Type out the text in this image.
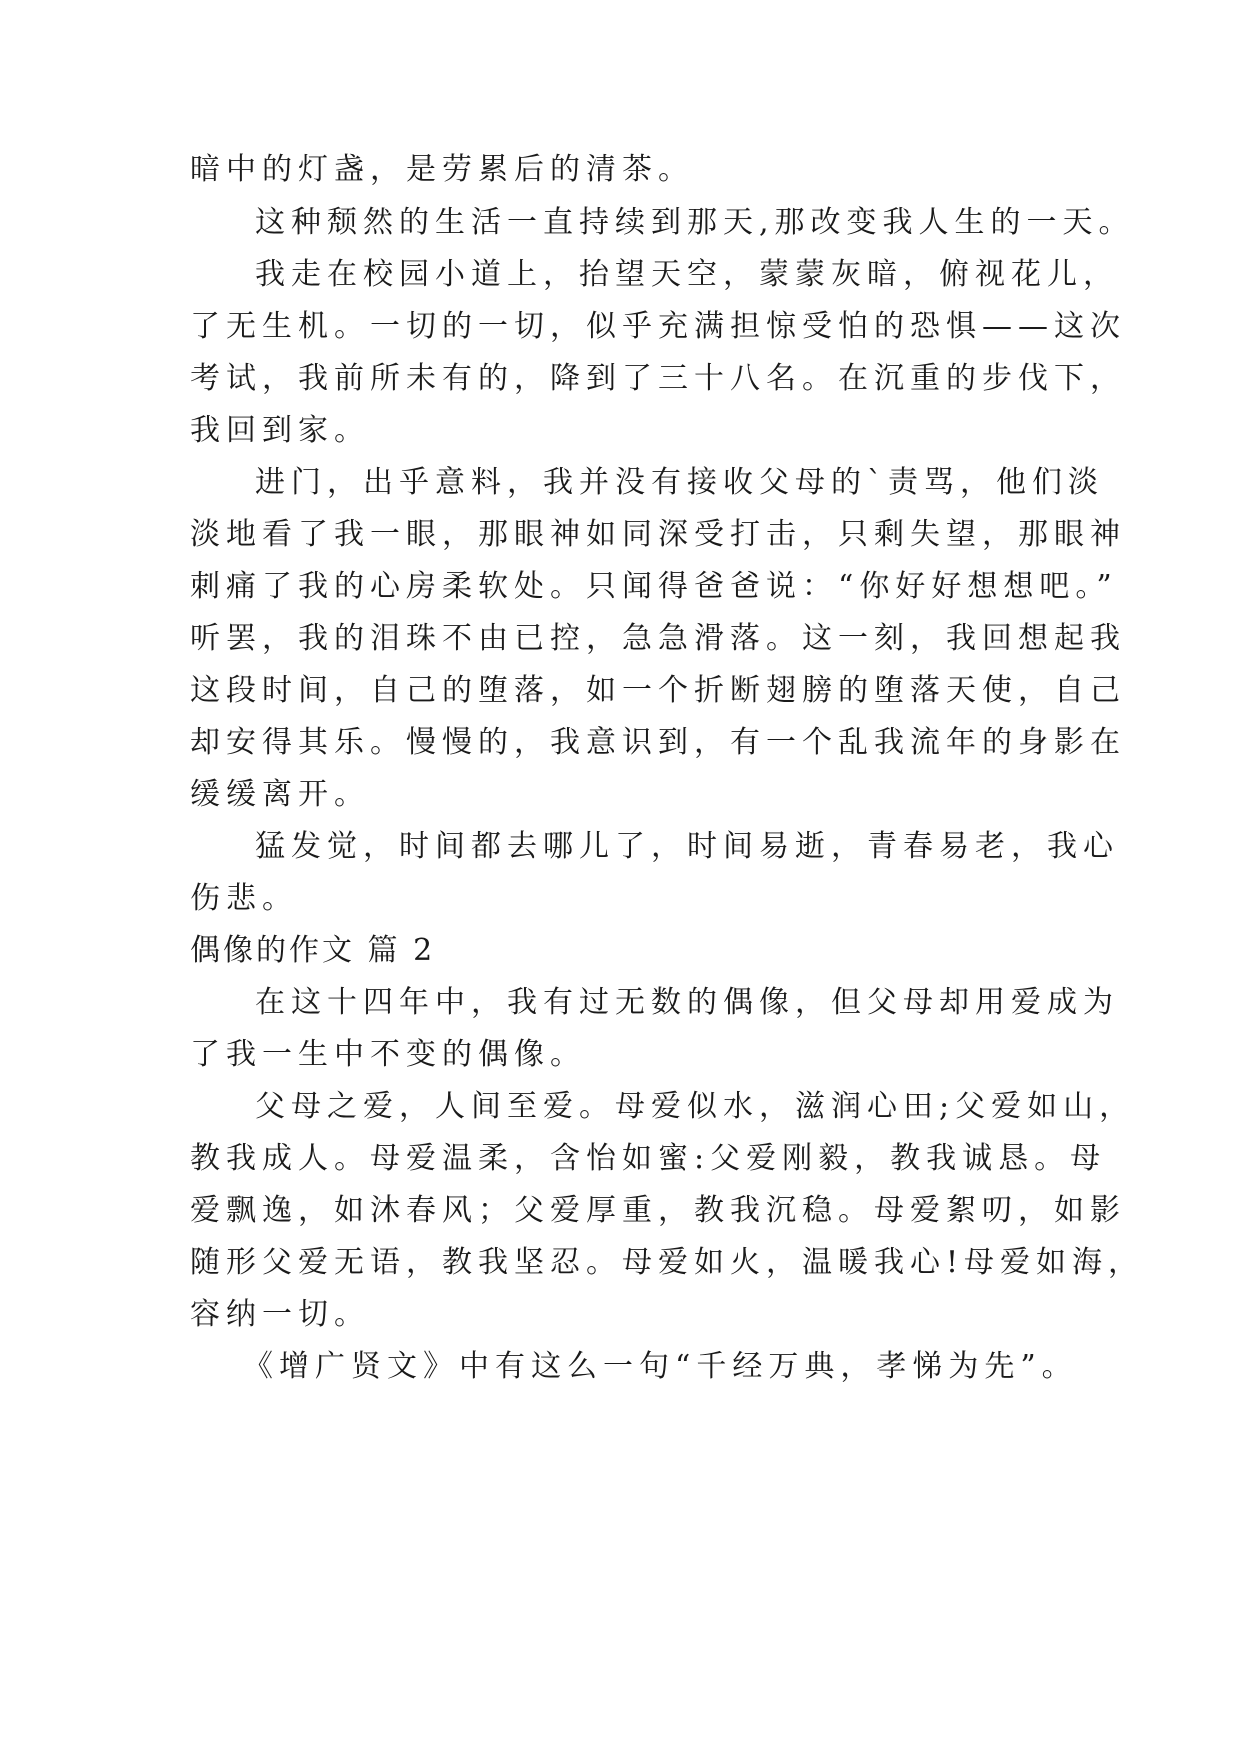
暗中的灯盏，是劳累后的清茶。
这种颓然的生活一直持续到那天,那改变我人生的一天。
我走在校园小道上，抬望天空，蒙蒙灰暗，俯视花儿，
了无生机。一切的一切，似乎充满担惊受怕的恐惧——这次
考试，我前所未有的，降到了三十八名。在沉重的步伐下，
我回到家。
进门，出乎意料，我并没有接收父母的`责骂，他们淡
淡地看了我一眼，那眼神如同深受打击，只剩失望，那眼神
刺痛了我的心房柔软处。只闻得爸爸说：“你好好想想吧。”
听罢，我的泪珠不由已控，急急滑落。这一刻，我回想起我
这段时间，自己的堕落，如一个折断翅膀的堕落天使，自己
却安得其乐。慢慢的，我意识到，有一个乱我流年的身影在
缓缓离开。
猛发觉，时间都去哪儿了，时间易逝，青春易老，我心
伤悲。
偶像的作文 篇 2
在这十四年中，我有过无数的偶像，但父母却用爱成为
了我一生中不变的偶像。
父母之爱，人间至爱。母爱似水，滋润心田;父爱如山，
教我成人。母爱温柔，含怡如蜜:父爱刚毅，教我诚恳。母
爱飘逸，如沐春风；父爱厚重，教我沉稳。母爱絮叨，如影
随形父爱无语，教我坚忍。母爱如火，温暖我心!母爱如海，
容纳一切。
《增广贤文》中有这么一句“千经万典，孝悌为先”。
